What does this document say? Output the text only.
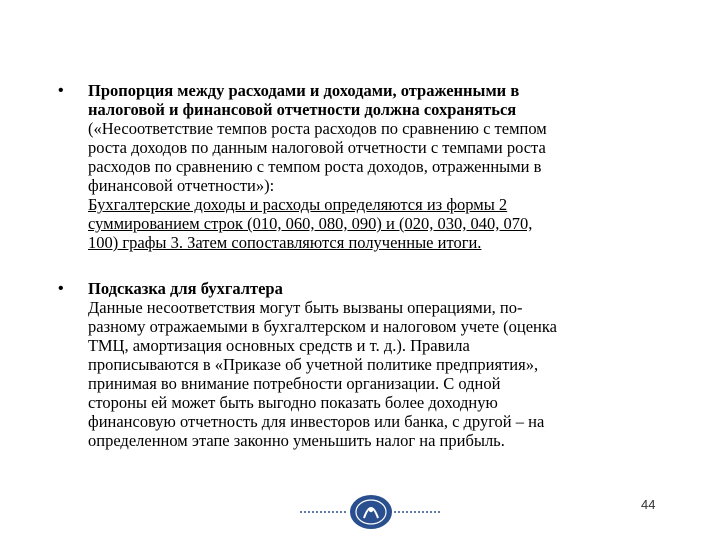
•	Пропорция между расходами и доходами, отраженными в
налоговой и финансовой отчетности должна сохраняться
(«Несоответствие темпов роста расходов по сравнению с темпом
роста доходов по данным налоговой отчетности с темпами роста
расходов по сравнению с темпом роста доходов, отраженными в
финансовой отчетности»):
Бухгалтерские доходы и расходы определяются из формы 2
суммированием строк (010, 060, 080, 090) и (020, 030, 040, 070,
100) графы 3. Затем сопоставляются полученные итоги.
•	Подсказка для бухгалтера
Данные несоответствия могут быть вызваны операциями, по-
разному отражаемыми в бухгалтерском и налоговом учете (оценка
ТМЦ, амортизация основных средств и т. д.). Правила
прописываются в «Приказе об учетной политике предприятия»,
принимая во внимание потребности организации. С одной
стороны ей может быть выгодно показать более доходную
финансовую отчетность для инвесторов или банка, с другой – на
определенном этапе законно уменьшить налог на прибыль.
44
